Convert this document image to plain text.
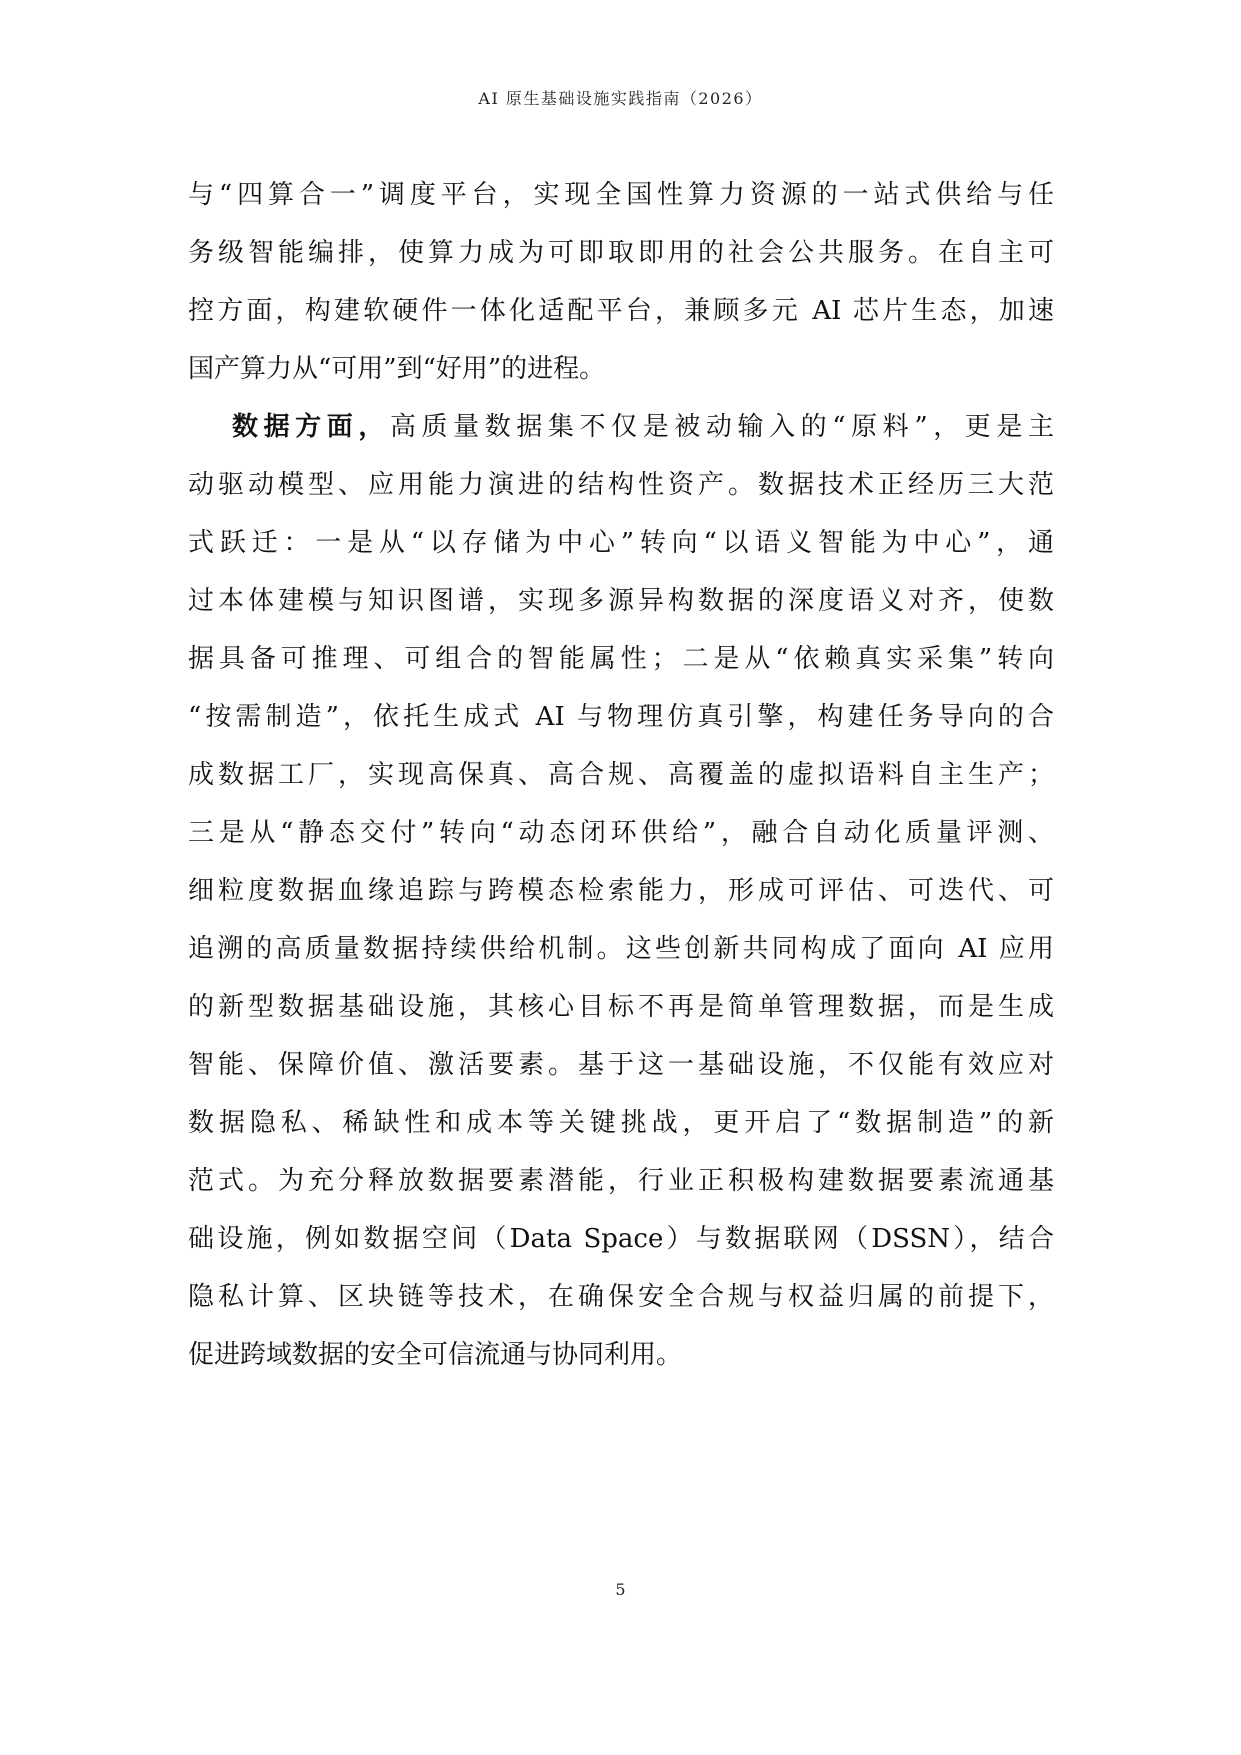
AI 原生基础设施实践指南（2026）
与“四算合一”调度平台，实现全国性算力资源的一站式供给与任
务级智能编排，使算力成为可即取即用的社会公共服务。在自主可
控方面，构建软硬件一体化适配平台，兼顾多元 AI 芯片生态，加速
国产算力从“可用”到“好用”的进程。
数据方面，高质量数据集不仅是被动输入的“原料”，更是主
动驱动模型、应用能力演进的结构性资产。数据技术正经历三大范
式跃迁：一是从“以存储为中心”转向“以语义智能为中心”，通
过本体建模与知识图谱，实现多源异构数据的深度语义对齐，使数
据具备可推理、可组合的智能属性；二是从“依赖真实采集”转向
“按需制造”，依托生成式 AI 与物理仿真引擎，构建任务导向的合
成数据工厂，实现高保真、高合规、高覆盖的虚拟语料自主生产；
三是从“静态交付”转向“动态闭环供给”，融合自动化质量评测、
细粒度数据血缘追踪与跨模态检索能力，形成可评估、可迭代、可
追溯的高质量数据持续供给机制。这些创新共同构成了面向 AI 应用
的新型数据基础设施，其核心目标不再是简单管理数据，而是生成
智能、保障价值、激活要素。基于这一基础设施，不仅能有效应对
数据隐私、稀缺性和成本等关键挑战，更开启了“数据制造”的新
范式。为充分释放数据要素潜能，行业正积极构建数据要素流通基
础设施，例如数据空间（Data Space）与数据联网（DSSN），结合
隐私计算、区块链等技术，在确保安全合规与权益归属的前提下，
促进跨域数据的安全可信流通与协同利用。
5
